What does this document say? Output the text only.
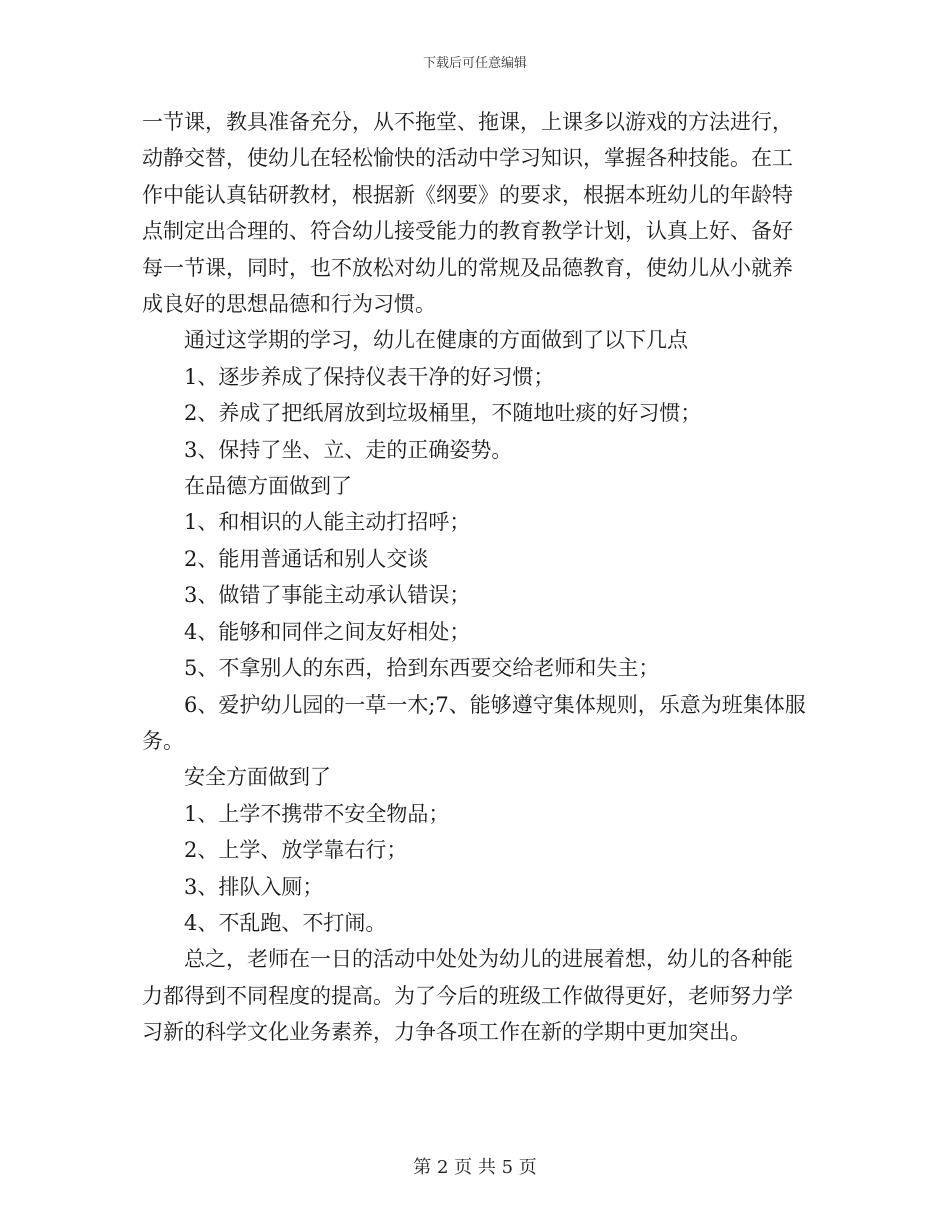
下载后可任意编辑

一节课，教具准备充分，从不拖堂、拖课，上课多以游戏的方法进行，动静交替，使幼儿在轻松愉快的活动中学习知识，掌握各种技能。在工作中能认真钻研教材，根据新《纲要》的要求，根据本班幼儿的年龄特点制定出合理的、符合幼儿接受能力的教育教学计划，认真上好、备好每一节课，同时，也不放松对幼儿的常规及品德教育，使幼儿从小就养成良好的思想品德和行为习惯。

通过这学期的学习，幼儿在健康的方面做到了以下几点

1、逐步养成了保持仪表干净的好习惯；

2、养成了把纸屑放到垃圾桶里，不随地吐痰的好习惯；

3、保持了坐、立、走的正确姿势。

在品德方面做到了

1、和相识的人能主动打招呼；

2、能用普通话和别人交谈

3、做错了事能主动承认错误；

4、能够和同伴之间友好相处；

5、不拿别人的东西，拾到东西要交给老师和失主；

6、爱护幼儿园的一草一木;7、能够遵守集体规则，乐意为班集体服务。

安全方面做到了

1、上学不携带不安全物品；

2、上学、放学靠右行；

3、排队入厕；

4、不乱跑、不打闹。

总之，老师在一日的活动中处处为幼儿的进展着想，幼儿的各种能力都得到不同程度的提高。为了今后的班级工作做得更好，老师努力学习新的科学文化业务素养，力争各项工作在新的学期中更加突出。

第 2 页 共 5 页
